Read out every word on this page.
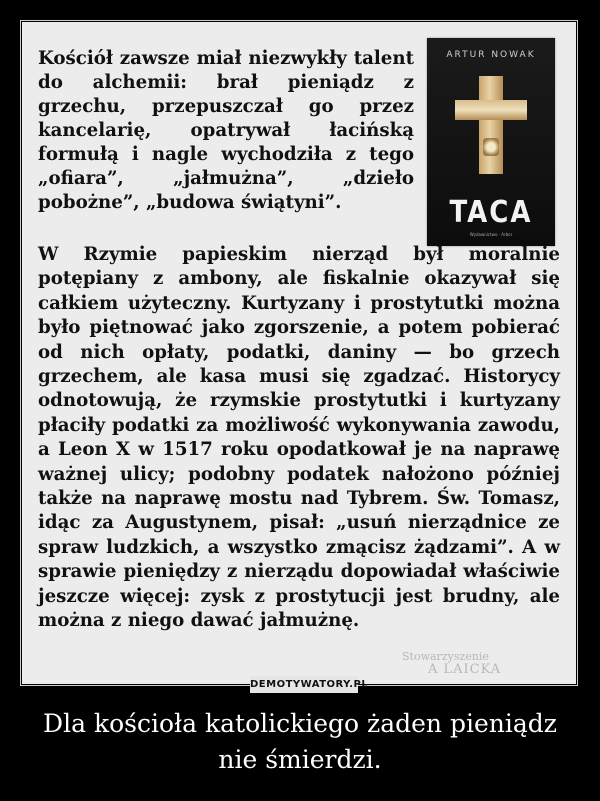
Kościół zawsze miał niezwykły talent do alchemii: brał pieniądz z grzechu, przepuszczał go przez kancelarię, opatrywał łacińską formułą i nagle wychodziła z tego „ofiara”, „jałmużna”, „dzieło pobożne”, „budowa świątyni”.

ARTUR NOWAK
TACA
Wydawnictwo · Arbor

W Rzymie papieskim nierząd był moralnie potępiany z ambony, ale fiskalnie okazywał się całkiem użyteczny. Kurtyzany i prostytutki można było piętnować jako zgorszenie, a potem pobierać od nich opłaty, podatki, daniny — bo grzech grzechem, ale kasa musi się zgadzać. Historycy odnotowują, że rzymskie prostytutki i kurtyzany płaciły podatki za możliwość wykonywania zawodu, a Leon X w 1517 roku opodatkował je na naprawę ważnej ulicy; podobny podatek nałożono później także na naprawę mostu nad Tybrem. Św. Tomasz, idąc za Augustynem, pisał: „usuń nierządnice ze spraw ludzkich, a wszystko zmącisz żądzami”. A w sprawie pieniędzy z nierządu dopowiadał właściwie jeszcze więcej: zysk z prostytucji jest brudny, ale można z niego dawać jałmużnę.

Stowarzyszenie
A LAICKA
DEMOTYWATORY.PL

Dla kościoła katolickiego żaden pieniądz nie śmierdzi.
